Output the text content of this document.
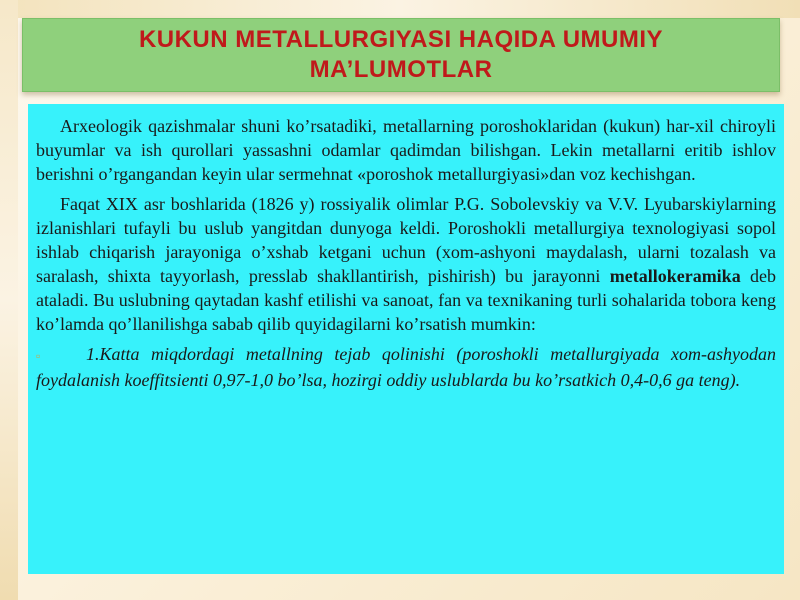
KUKUN METALLURGIYASI HAQIDA UMUMIY MA’LUMOTLAR

Arxeologik qazishmalar shuni ko’rsatadiki, metallarning poroshoklaridan (kukun) har-xil chiroyli buyumlar va ish qurollari yassashni odamlar qadimdan bilishgan. Lekin metallarni eritib ishlov berishni o’rgangandan keyin ular sermehnat «poroshok metallurgiyasi»dan voz kechishgan.

Faqat XIX asr boshlarida (1826 y) rossiyalik olimlar P.G. Sobolevskiy va V.V. Lyubarskiylarning izlanishlari tufayli bu uslub yangitdan dunyoga keldi. Poroshokli metallurgiya texnologiyasi sopol ishlab chiqarish jarayoniga o’xshab ketgani uchun (xom-ashyoni maydalash, ularni tozalash va saralash, shixta tayyorlash, presslab shakllantirish, pishirish) bu jarayonni metallokeramika deb ataladi. Bu uslubning qaytadan kashf etilishi va sanoat, fan va texnikaning turli sohalarida tobora keng ko’lamda qo’llanilishga sabab qilib quyidagilarni ko’rsatish mumkin:

▫	1.Katta miqdordagi metallning tejab qolinishi (poroshokli metallurgiyada xom-ashyodan foydalanish koeffitsienti 0,97-1,0 bo’lsa, hozirgi oddiy uslublarda bu ko’rsatkich 0,4-0,6 ga teng).
